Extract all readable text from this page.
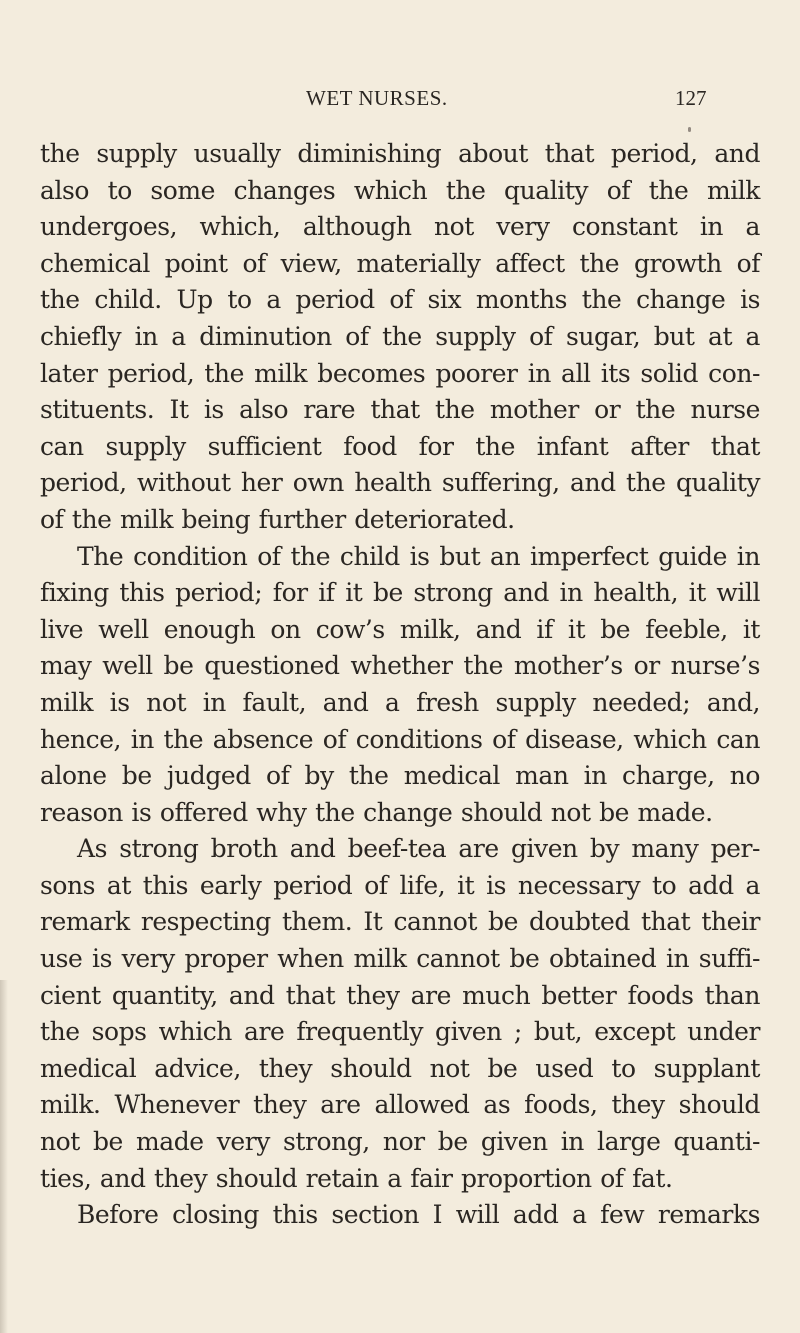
WET NURSES.	127
the supply usually diminishing about that period, and
also to some changes which the quality of the milk
undergoes, which, although not very constant in a
chemical point of view, materially affect the growth of
the child. Up to a period of six months the change is
chiefly in a diminution of the supply of sugar, but at a
later period, the milk becomes poorer in all its solid con-
stituents. It is also rare that the mother or the nurse
can supply sufficient food for the infant after that
period, without her own health suffering, and the quality
of the milk being further deteriorated.
The condition of the child is but an imperfect guide in
fixing this period; for if it be strong and in health, it will
live well enough on cow’s milk, and if it be feeble, it
may well be questioned whether the mother’s or nurse’s
milk is not in fault, and a fresh supply needed; and,
hence, in the absence of conditions of disease, which can
alone be judged of by the medical man in charge, no
reason is offered why the change should not be made.
As strong broth and beef-tea are given by many per-
sons at this early period of life, it is necessary to add a
remark respecting them. It cannot be doubted that their
use is very proper when milk cannot be obtained in suffi-
cient quantity, and that they are much better foods than
the sops which are frequently given ; but, except under
medical advice, they should not be used to supplant
milk. Whenever they are allowed as foods, they should
not be made very strong, nor be given in large quanti-
ties, and they should retain a fair proportion of fat.
Before closing this section I will add a few remarks
